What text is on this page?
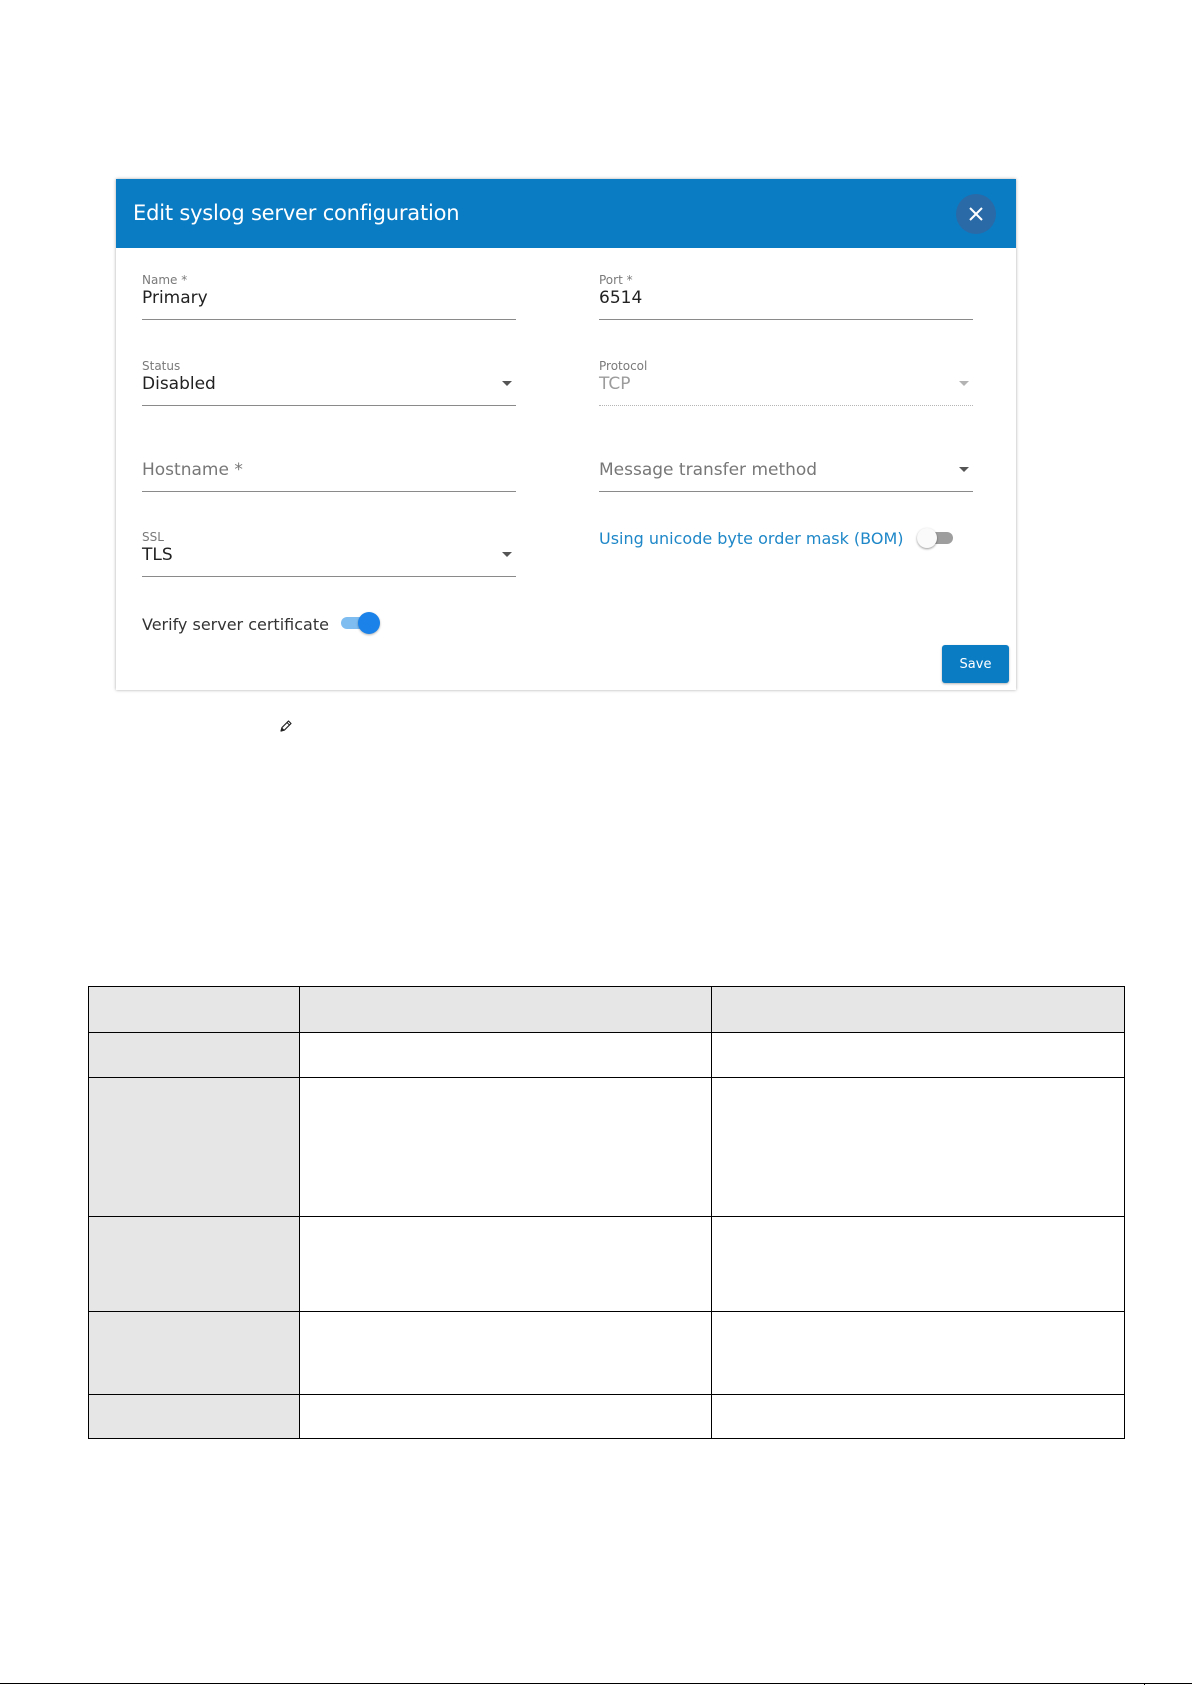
Edit syslog server configuration
Name *
Primary
Port *
6514
Status
Disabled
Protocol
TCP
Hostname *	Message transfer method
SSL
TLS
Using unicode byte order mask (BOM)
Verify server certificate
Save
